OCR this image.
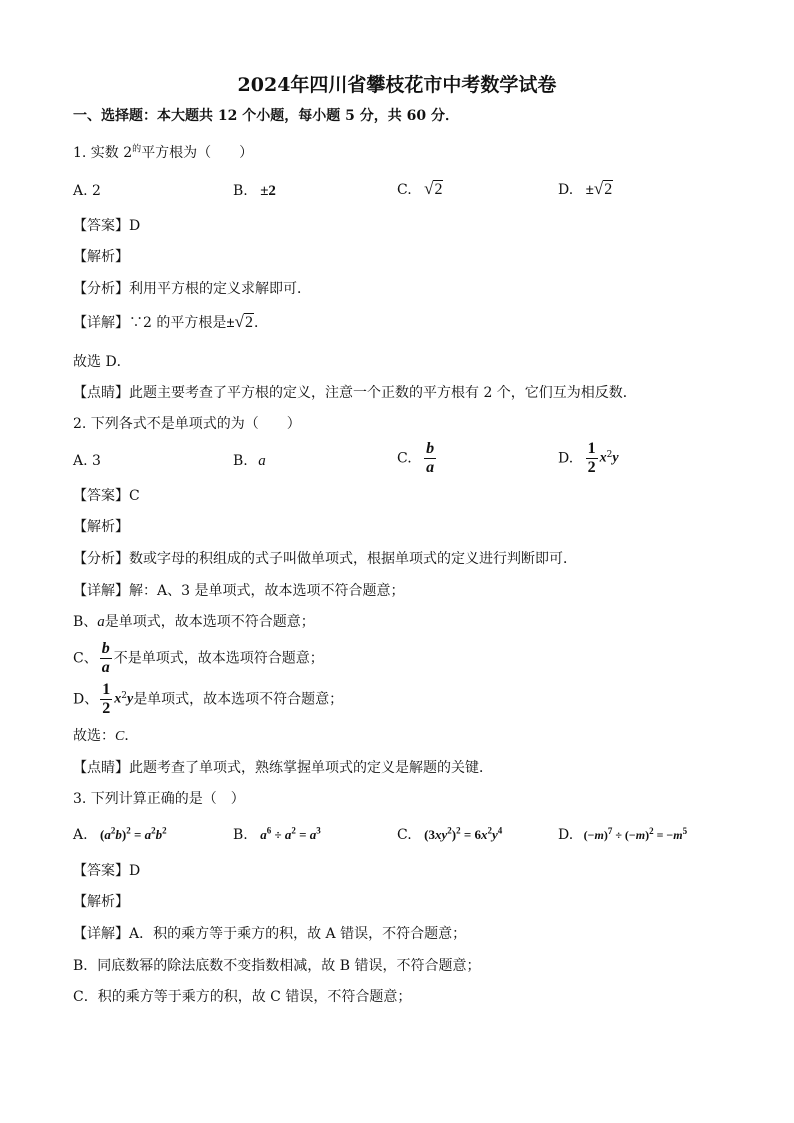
2024年四川省攀枝花市中考数学试卷
一、选择题：本大题共 12 个小题，每小题 5 分，共 60 分．
1. 实数 $2^的$平方根为（　　）
A. 2	B. ±2	C. √2	D. ±√2
【答案】D
【解析】
【分析】利用平方根的定义求解即可．
【详解】∵2 的平方根是±√2．
故选 D．
【点睛】此题主要考查了平方根的定义，注意一个正数的平方根有 2 个，它们互为相反数．
2. 下列各式不是单项式的为（　　）
A. 3	B. a	C. $\frac{b}{a}$	D. $\frac{1}{2} x^2y$
【答案】C
【解析】
【分析】数或字母的积组成的式子叫做单项式，根据单项式的定义进行判断即可．
【详解】解：A、3 是单项式，故本选项不符合题意；
B、a是单项式，故本选项不符合题意；
C、 $\frac{b}{a}$ 不是单项式，故本选项符合题意；
D、 $\frac{1}{2} x^2y$是单项式，故本选项不符合题意；
故选：C．
【点睛】此题考查了单项式，熟练掌握单项式的定义是解题的关键．
3. 下列计算正确的是（　）
A. $(a^2b)^2 = a^2b^2$	B. $a^6 \div a^2 = a^3$	C. $(3xy^2)^2 = 6x^2y^4$	D. $(-m)^7 \div (-m)^2 = -m^5$
【答案】D
【解析】
【详解】A．积的乘方等于乘方的积，故 A 错误，不符合题意；
B．同底数幂的除法底数不变指数相减，故 B 错误，不符合题意；
C．积的乘方等于乘方的积，故 C 错误，不符合题意；
